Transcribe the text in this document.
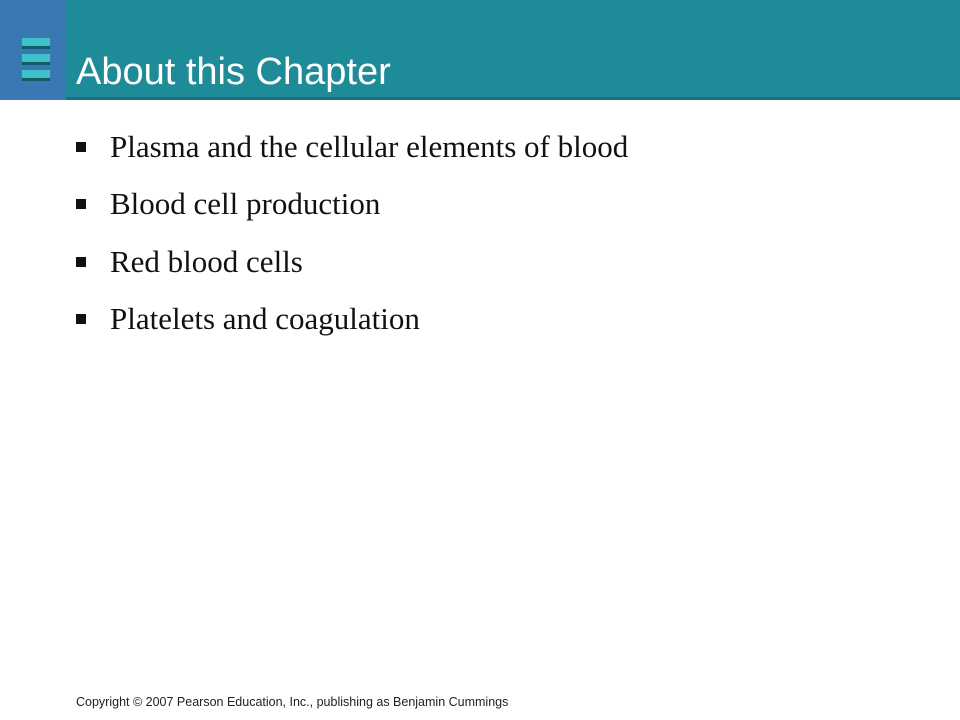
About this Chapter
Plasma and the cellular elements of blood
Blood cell production
Red blood cells
Platelets and coagulation

Copyright © 2007 Pearson Education, Inc., publishing as Benjamin Cummings
